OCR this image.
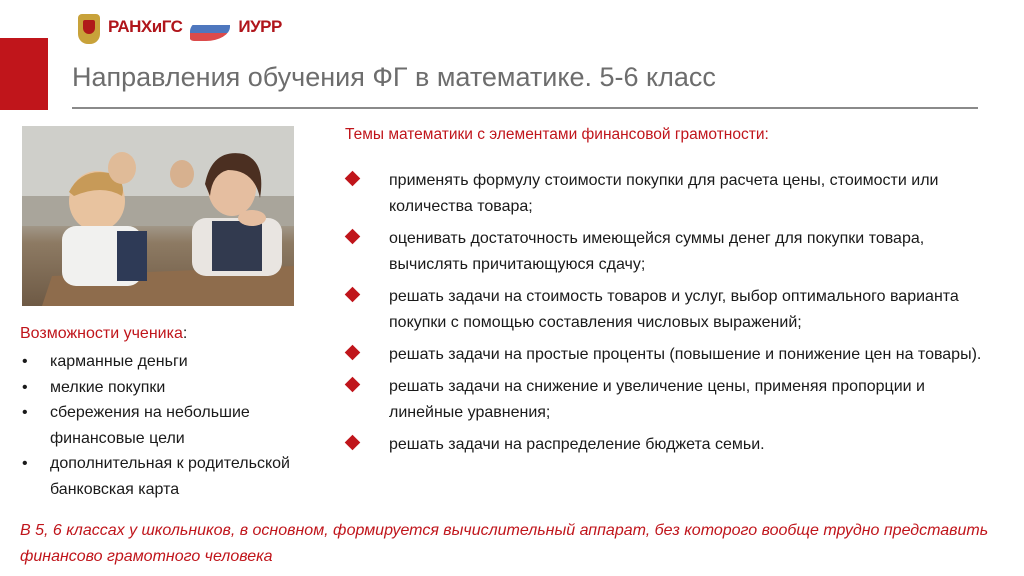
РАНХиГС
	ИУРР

Направления обучения ФГ в математике. 5-6 класс
Возможности ученика:
• карманные деньги
• мелкие покупки
• сбережения на небольшие финансовые цели
• дополнительная к родительской банковская карта
Темы математики с элементами финансовой грамотности:
применять формулу стоимости покупки для расчета цены, стоимости или количества товара;
оценивать достаточность имеющейся суммы денег для покупки товара, вычислять причитающуюся сдачу;
решать задачи на стоимость товаров и услуг, выбор оптимального варианта покупки с помощью составления числовых выражений;
решать задачи на простые проценты (повышение и понижение цен на товары).
решать задачи на снижение и увеличение цены, применяя пропорции и линейные уравнения;
решать задачи на распределение бюджета семьи.
В 5, 6 классах у школьников, в основном, формируется вычислительный аппарат, без которого вообще трудно представить финансово грамотного человека
